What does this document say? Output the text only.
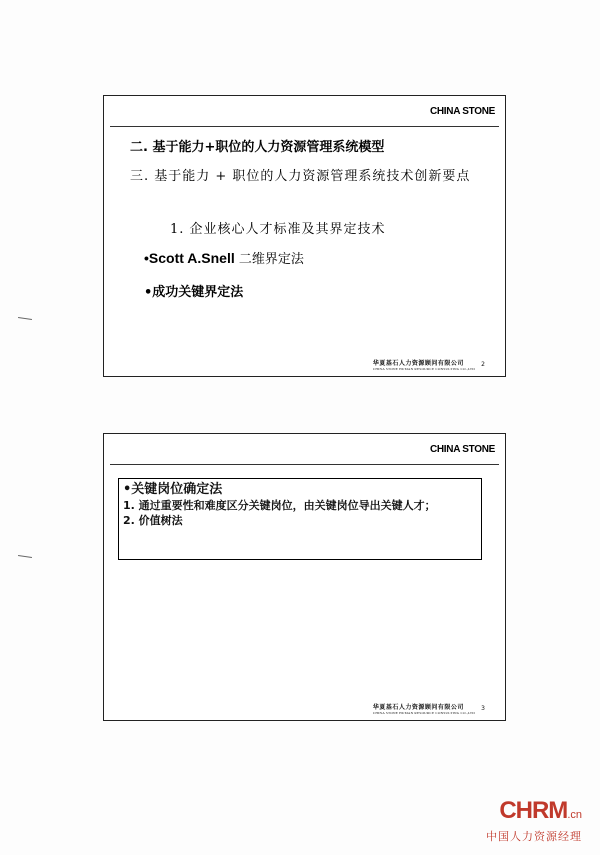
CHINA STONE
二. 基于能力+职位的人力资源管理系统模型
三. 基于能力 + 职位的人力资源管理系统技术创新要点
1. 企业核心人才标准及其界定技术
•Scott A.Snell 二维界定法
•成功关键界定法
华夏基石人力资源顾问有限公司
CHINA STONE HUMAN RESOURCE CONSULTING CO.,LTD
2
CHINA STONE
•关键岗位确定法
1. 通过重要性和难度区分关键岗位，由关键岗位导出关键人才；
2. 价值树法
华夏基石人力资源顾问有限公司
CHINA STONE HUMAN RESOURCE CONSULTING CO.,LTD
3
CHRM.cn
中国人力资源经理
